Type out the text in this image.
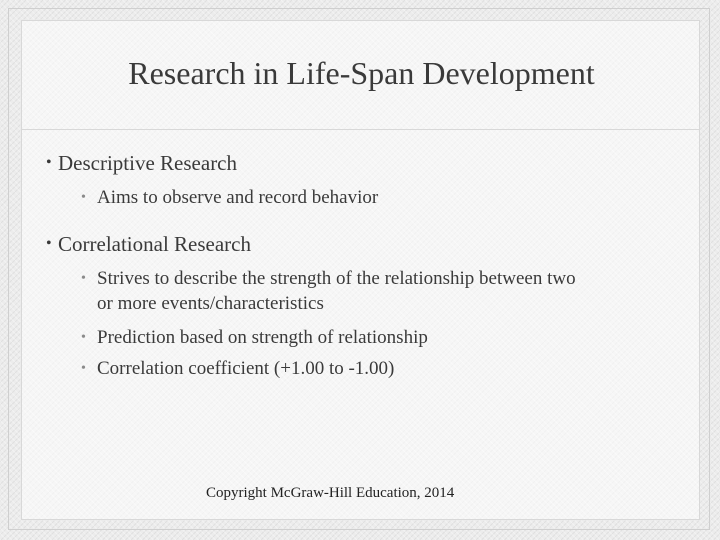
Research in Life-Span Development
• Descriptive Research
• Aims to observe and record behavior
• Correlational Research
• Strives to describe the strength of the relationship between two
or more events/characteristics
• Prediction based on strength of relationship
• Correlation coefficient (+1.00 to -1.00)
Copyright McGraw-Hill Education, 2014
